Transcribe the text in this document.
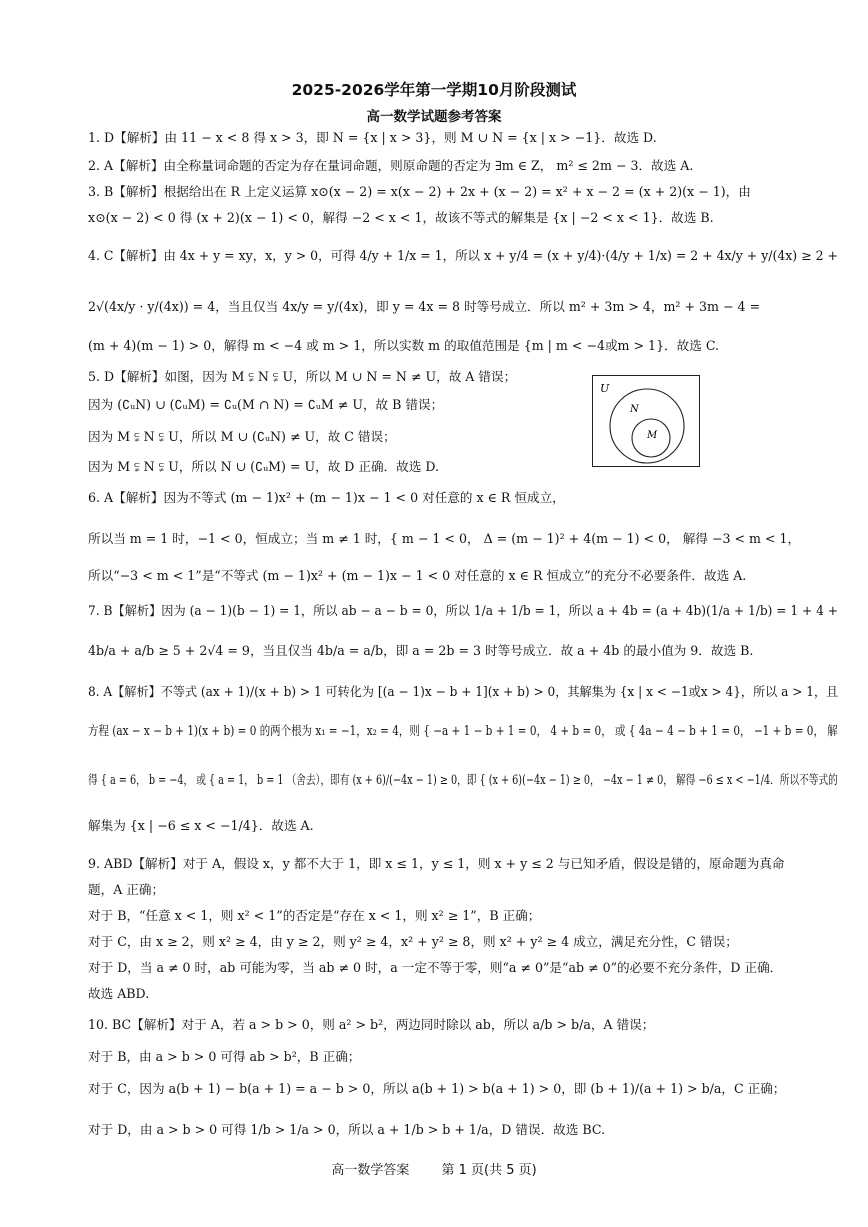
2025-2026学年第一学期10月阶段测试
高一数学试题参考答案
1. D【解析】由 11 − x < 8 得 x > 3，即 N = {x | x > 3}，则 M ∪ N = {x | x > −1}．故选 D.
2. A【解析】由全称量词命题的否定为存在量词命题，则原命题的否定为 ∃m ∈ Z， m² ≤ 2m − 3．故选 A.
3. B【解析】根据给出在 R 上定义运算 x⊙(x − 2) = x(x − 2) + 2x + (x − 2) = x² + x − 2 = (x + 2)(x − 1)，由
x⊙(x − 2) < 0 得 (x + 2)(x − 1) < 0，解得 −2 < x < 1，故该不等式的解集是 {x | −2 < x < 1}．故选 B.
4. C【解析】由 4x + y = xy，x，y > 0，可得 4/y + 1/x = 1，所以 x + y/4 = (x + y/4)·(4/y + 1/x) = 2 + 4x/y + y/(4x) ≥ 2 +
2√(4x/y · y/(4x)) = 4，当且仅当 4x/y = y/(4x)，即 y = 4x = 8 时等号成立．所以 m² + 3m > 4，m² + 3m − 4 =
(m + 4)(m − 1) > 0，解得 m < −4 或 m > 1，所以实数 m 的取值范围是 {m | m < −4或m > 1}．故选 C.
5. D【解析】如图，因为 M ⫋ N ⫋ U，所以 M ∪ N = N ≠ U，故 A 错误；
因为 (∁ᵤN) ∪ (∁ᵤM) = ∁ᵤ(M ∩ N) = ∁ᵤM ≠ U，故 B 错误；
因为 M ⫋ N ⫋ U，所以 M ∪ (∁ᵤN) ≠ U，故 C 错误；
因为 M ⫋ N ⫋ U，所以 N ∪ (∁ᵤM) = U，故 D 正确．故选 D.
U
N
M
6. A【解析】因为不等式 (m − 1)x² + (m − 1)x − 1 < 0 对任意的 x ∈ R 恒成立，
所以当 m = 1 时，−1 < 0，恒成立；当 m ≠ 1 时，{ m − 1 < 0， Δ = (m − 1)² + 4(m − 1) < 0， 解得 −3 < m < 1，
所以“−3 < m < 1”是“不等式 (m − 1)x² + (m − 1)x − 1 < 0 对任意的 x ∈ R 恒成立”的充分不必要条件．故选 A.
7. B【解析】因为 (a − 1)(b − 1) = 1，所以 ab − a − b = 0，所以 1/a + 1/b = 1，所以 a + 4b = (a + 4b)(1/a + 1/b) = 1 + 4 +
4b/a + a/b ≥ 5 + 2√4 = 9，当且仅当 4b/a = a/b，即 a = 2b = 3 时等号成立．故 a + 4b 的最小值为 9．故选 B.
8. A【解析】不等式 (ax + 1)/(x + b) > 1 可转化为 [(a − 1)x − b + 1](x + b) > 0，其解集为 {x | x < −1或x > 4}，所以 a > 1，且
方程 (ax − x − b + 1)(x + b) = 0 的两个根为 x₁ = −1，x₂ = 4，则 { −a + 1 − b + 1 = 0， 4 + b = 0， 或 { 4a − 4 − b + 1 = 0， −1 + b = 0， 解
得 { a = 6， b = −4， 或 { a = 1， b = 1 （舍去），即有 (x + 6)/(−4x − 1) ≥ 0，即 { (x + 6)(−4x − 1) ≥ 0， −4x − 1 ≠ 0， 解得 −6 ≤ x < −1/4．所以不等式的
解集为 {x | −6 ≤ x < −1/4}．故选 A.
9. ABD【解析】对于 A，假设 x，y 都不大于 1，即 x ≤ 1，y ≤ 1，则 x + y ≤ 2 与已知矛盾，假设是错的，原命题为真命
题，A 正确；
对于 B，“任意 x < 1，则 x² < 1”的否定是“存在 x < 1，则 x² ≥ 1”，B 正确；
对于 C，由 x ≥ 2，则 x² ≥ 4，由 y ≥ 2，则 y² ≥ 4，x² + y² ≥ 8，则 x² + y² ≥ 4 成立，满足充分性，C 错误；
对于 D，当 a ≠ 0 时，ab 可能为零，当 ab ≠ 0 时，a 一定不等于零，则“a ≠ 0”是“ab ≠ 0”的必要不充分条件，D 正确．
故选 ABD.
10. BC【解析】对于 A，若 a > b > 0，则 a² > b²，两边同时除以 ab，所以 a/b > b/a，A 错误；
对于 B，由 a > b > 0 可得 ab > b²，B 正确；
对于 C，因为 a(b + 1) − b(a + 1) = a − b > 0，所以 a(b + 1) > b(a + 1) > 0，即 (b + 1)/(a + 1) > b/a，C 正确；
对于 D，由 a > b > 0 可得 1/b > 1/a > 0，所以 a + 1/b > b + 1/a，D 错误．故选 BC.
高一数学答案 第 1 页(共 5 页)
